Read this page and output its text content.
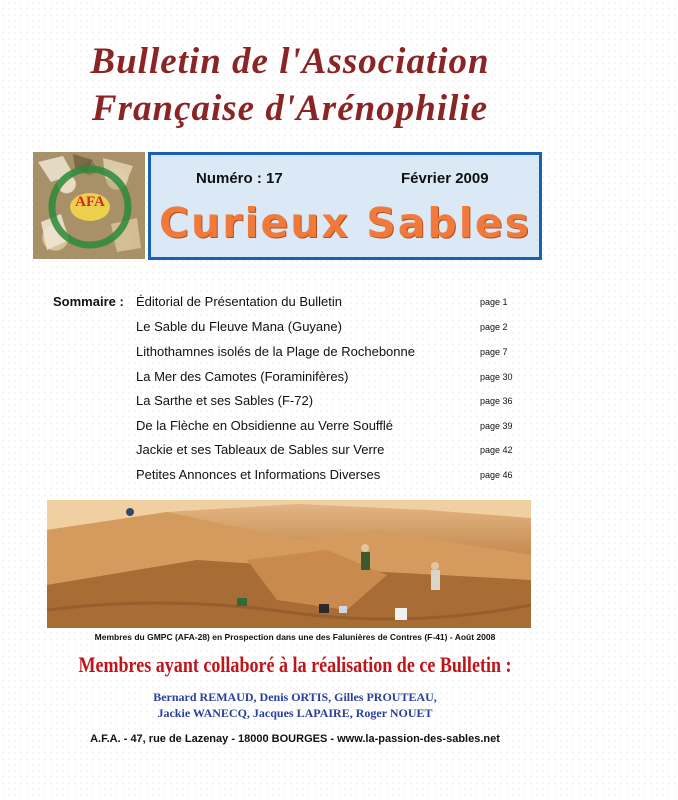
Bulletin de l'Association
Française d'Arénophilie
AFA
Numéro : 17	Février 2009
Curieux Sables
Sommaire : Éditorial de Présentation du Bulletin	page 1
Le Sable du Fleuve Mana (Guyane)	page 2
Lithothamnes isolés de la Plage de Rochebonne	page 7
La Mer des Camotes (Foraminifères)	page 30
La Sarthe et ses Sables (F-72)	page 36
De la Flèche en Obsidienne au Verre Soufflé	page 39
Jackie et ses Tableaux de Sables sur Verre	page 42
Petites Annonces et Informations Diverses	page 46
Membres du GMPC (AFA-28) en Prospection dans une des Falunières de Contres (F-41) - Août 2008
Membres ayant collaboré à la réalisation de ce Bulletin :
Bernard REMAUD, Denis ORTIS, Gilles PROUTEAU,
Jackie WANECQ, Jacques LAPAIRE, Roger NOUET
A.F.A. - 47, rue de Lazenay - 18000 BOURGES - www.la-passion-des-sables.net
